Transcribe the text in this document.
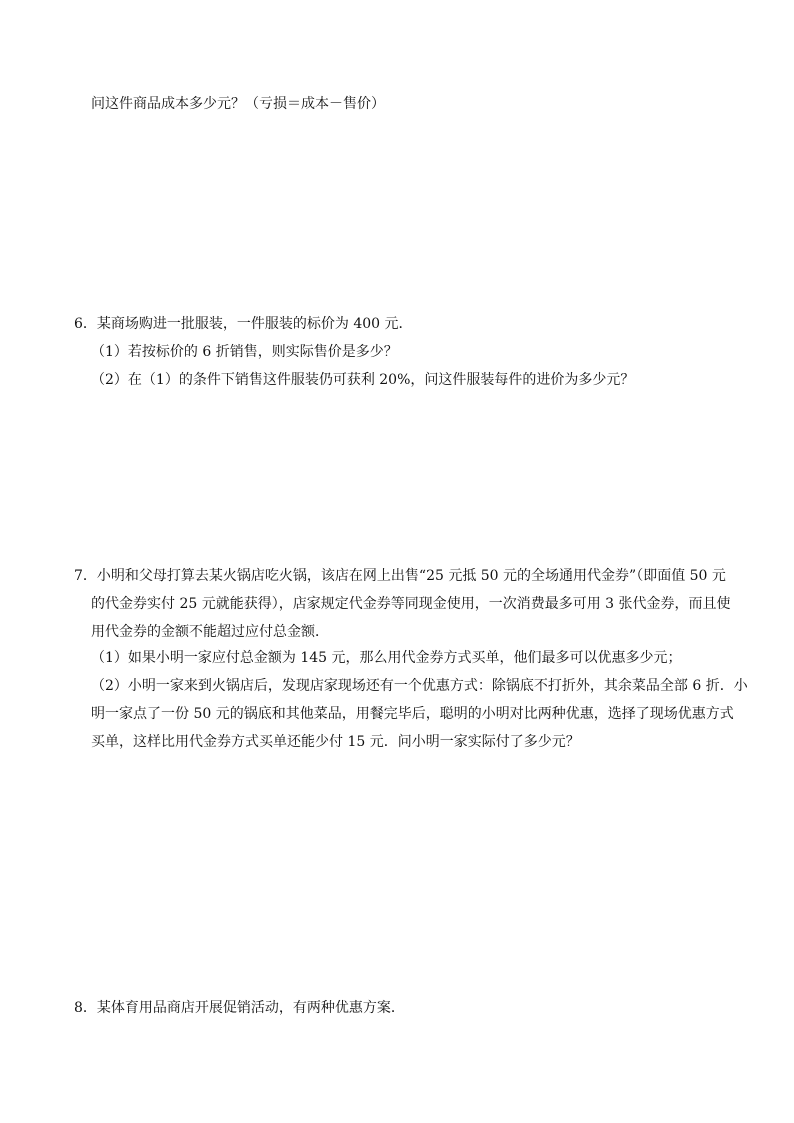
问这件商品成本多少元？（亏损＝成本－售价）
6．某商场购进一批服装，一件服装的标价为 400 元．
（1）若按标价的 6 折销售，则实际售价是多少？
（2）在（1）的条件下销售这件服装仍可获利 20%，问这件服装每件的进价为多少元？
7．小明和父母打算去某火锅店吃火锅，该店在网上出售“25 元抵 50 元的全场通用代金券”（即面值 50 元
的代金券实付 25 元就能获得），店家规定代金券等同现金使用，一次消费最多可用 3 张代金券，而且使
用代金券的金额不能超过应付总金额．
（1）如果小明一家应付总金额为 145 元，那么用代金券方式买单，他们最多可以优惠多少元；
（2）小明一家来到火锅店后，发现店家现场还有一个优惠方式：除锅底不打折外，其余菜品全部 6 折．小
明一家点了一份 50 元的锅底和其他菜品，用餐完毕后，聪明的小明对比两种优惠，选择了现场优惠方式
买单，这样比用代金券方式买单还能少付 15 元．问小明一家实际付了多少元？
8．某体育用品商店开展促销活动，有两种优惠方案．
